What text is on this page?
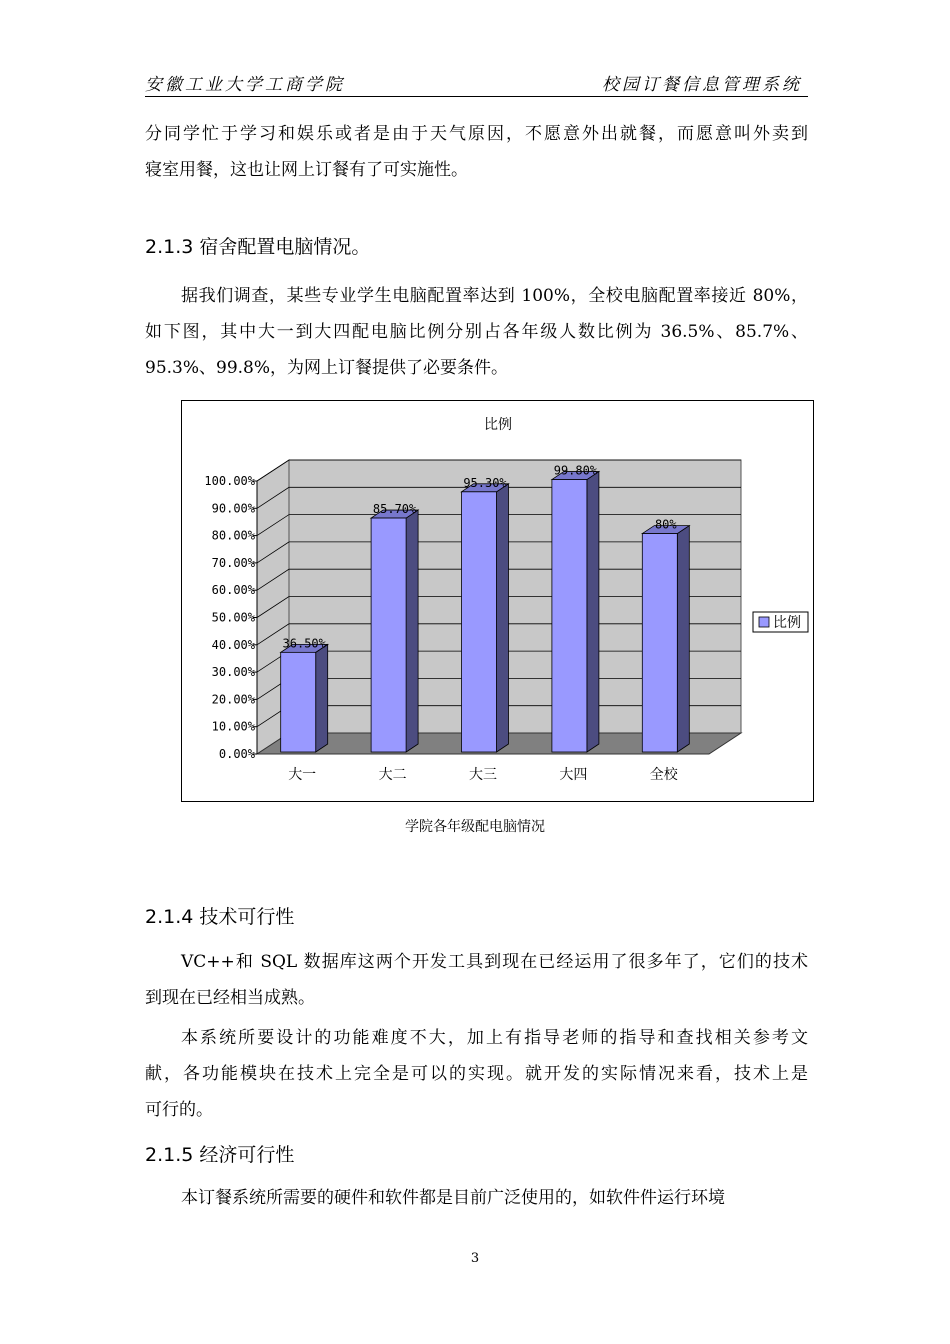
安徽工业大学工商学院	校园订餐信息管理系统
分同学忙于学习和娱乐或者是由于天气原因，不愿意外出就餐，而愿意叫外卖到
寝室用餐，这也让网上订餐有了可实施性。
2.1.3 宿舍配置电脑情况。
据我们调查，某些专业学生电脑配置率达到 100%，全校电脑配置率接近 80%，
如下图，其中大一到大四配电脑比例分别占各年级人数比例为 36.5%、85.7%、
95.3%、99.8%，为网上订餐提供了必要条件。
比例
0.00%
10.00%
20.00%
30.00%
40.00%
50.00%
60.00%
70.00%
80.00%
90.00%
100.00%
36.50%
大一
85.70%
大二
95.30%
大三
99.80%
大四
80%
全校
比例
学院各年级配电脑情况
2.1.4 技术可行性
VC++和 SQL 数据库这两个开发工具到现在已经运用了很多年了，它们的技术
到现在已经相当成熟。
本系统所要设计的功能难度不大，加上有指导老师的指导和查找相关参考文
献，各功能模块在技术上完全是可以的实现。就开发的实际情况来看，技术上是
可行的。
2.1.5 经济可行性
本订餐系统所需要的硬件和软件都是目前广泛使用的，如软件件运行环境
3
